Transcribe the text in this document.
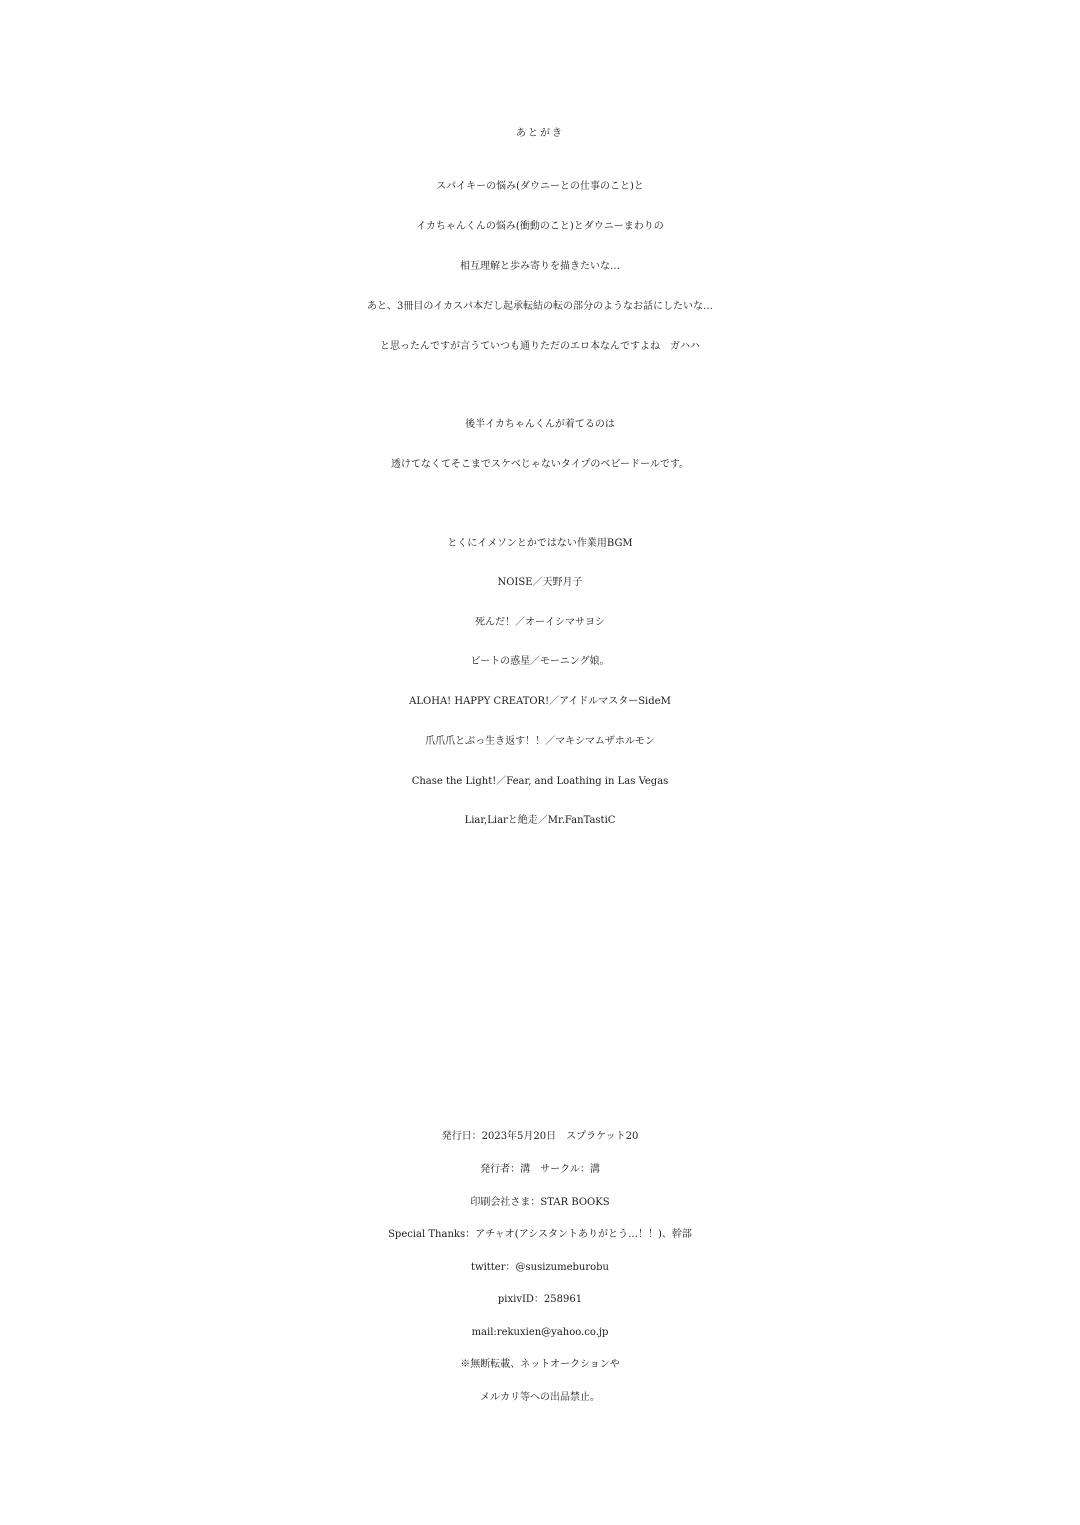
あとがき
スパイキーの悩み(ダウニーとの仕事のこと)と
イカちゃんくんの悩み(衝動のこと)とダウニーまわりの
相互理解と歩み寄りを描きたいな…
あと、3冊目のイカスパ本だし起承転結の転の部分のようなお話にしたいな…
と思ったんですが言うていつも通りただのエロ本なんですよね　ガハハ
後半イカちゃんくんが着てるのは
透けてなくてそこまでスケベじゃないタイプのベビードールです。
とくにイメソンとかではない作業用BGM
NOISE／天野月子
死んだ！／オーイシマサヨシ
ビートの惑星／モーニング娘。
ALOHA! HAPPY CREATOR!／アイドルマスターSideM
爪爪爪とぶっ生き返す！！／マキシマムザホルモン
Chase the Light!／Fear, and Loathing in Las Vegas
Liar,Liarと絶走／Mr.FanTastiC
発行日：2023年5月20日　スプラケット20
発行者：溝　サークル：溝
印刷会社さま：STAR BOOKS
Special Thanks：アチャオ(アシスタントありがとう…！！)、幹部
twitter：@susizumeburobu
pixivID：258961
mail:rekuxien@yahoo.co.jp
※無断転載、ネットオークションや
メルカリ等への出品禁止。
